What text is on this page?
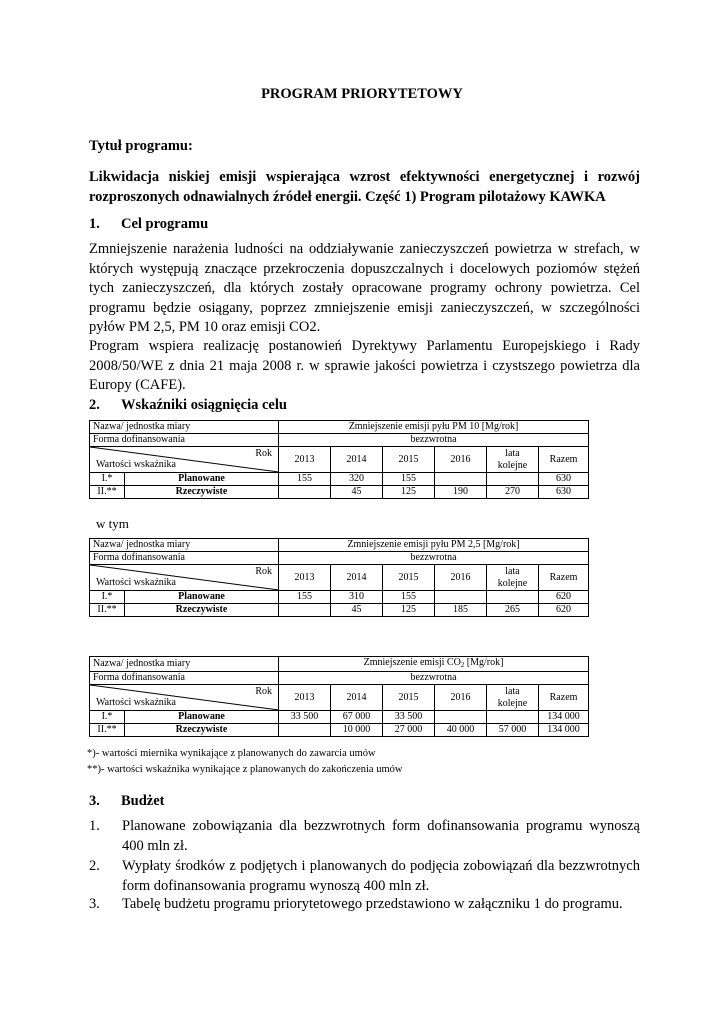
PROGRAM PRIORYTETOWY
Tytuł programu:
Likwidacja niskiej emisji wspierająca wzrost efektywności energetycznej i rozwój rozproszonych odnawialnych źródeł energii. Część 1) Program pilotażowy KAWKA
1. Cel programu
Zmniejszenie narażenia ludności na oddziaływanie zanieczyszczeń powietrza w strefach, w których występują znaczące przekroczenia dopuszczalnych i docelowych poziomów stężeń tych zanieczyszczeń, dla których zostały opracowane programy ochrony powietrza. Cel programu będzie osiągany, poprzez zmniejszenie emisji zanieczyszczeń, w szczególności pyłów PM 2,5, PM 10 oraz emisji CO2.
Program wspiera realizację postanowień Dyrektywy Parlamentu Europejskiego i Rady 2008/50/WE z dnia 21 maja 2008 r. w sprawie jakości powietrza i czystszego powietrza dla Europy (CAFE).
2. Wskaźniki osiągnięcia celu
Nazwa/ jednostka miary		Zmniejszenie emisji pyłu PM 10 [Mg/rok]					
Forma dofinansowania		bezzwrotna					

Rok
Wartości wskaźnika		2013	2014	2015	2016	lata kolejne	Razem
I.*	Planowane	155	320	155			630
II.**	Rzeczywiste		45	125	190	270	630
w tym
Nazwa/ jednostka miary		Zmniejszenie emisji pyłu PM 2,5 [Mg/rok]					
Forma dofinansowania		bezzwrotna					

Rok
Wartości wskaźnika		2013	2014	2015	2016	lata kolejne	Razem
I.*	Planowane	155	310	155			620
II.**	Rzeczywiste		45	125	185	265	620
Nazwa/ jednostka miary		Zmniejszenie emisji $CO_2$ [Mg/rok]					
Forma dofinansowania		bezzwrotna					

Rok
Wartości wskaźnika		2013	2014	2015	2016	lata kolejne	Razem
I.*	Planowane	33 500	67 000	33 500			134 000
II.**	Rzeczywiste		10 000	27 000	40 000	57 000	134 000
*)- wartości miernika wynikające z planowanych do zawarcia umów
**)- wartości wskaźnika wynikające z planowanych do zakończenia umów
3. Budżet
1. Planowane zobowiązania dla bezzwrotnych form dofinansowania programu wynoszą 400 mln zł.
2. Wypłaty środków z podjętych i planowanych do podjęcia zobowiązań dla bezzwrotnych form dofinansowania programu wynoszą 400 mln zł.
3. Tabelę budżetu programu priorytetowego przedstawiono w załączniku 1 do programu.
